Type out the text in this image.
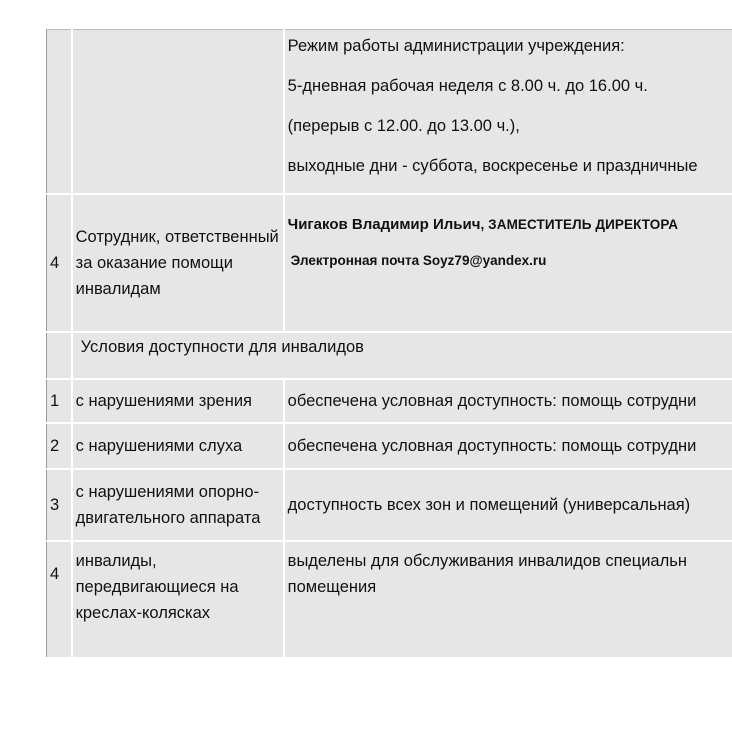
		Режим работы администрации учреждения:
5-дневная рабочая неделя с 8.00 ч. до 16.00 ч.
(перерыв с 12.00. до 13.00 ч.),
выходные дни - суббота, воскресенье и праздничные

4	Сотрудник, ответственный за оказание помощи инвалидам	Чигаков Владимир Ильич, ЗАМЕСТИТЕЛЬ ДИРЕКТОРА
Электронная почта Soyz79@yandex.ru

	Условия доступности для инвалидов	
1	с нарушениями зрения	обеспечена условная доступность: помощь сотрудни
2	с нарушениями слуха	обеспечена условная доступность: помощь сотрудни
3	с нарушениями опорно-двигательного аппарата	доступность всех зон и помещений (универсальная)
4	инвалиды, передвигающиеся на креслах-колясках	выделены для обслуживания инвалидов специальн помещения
